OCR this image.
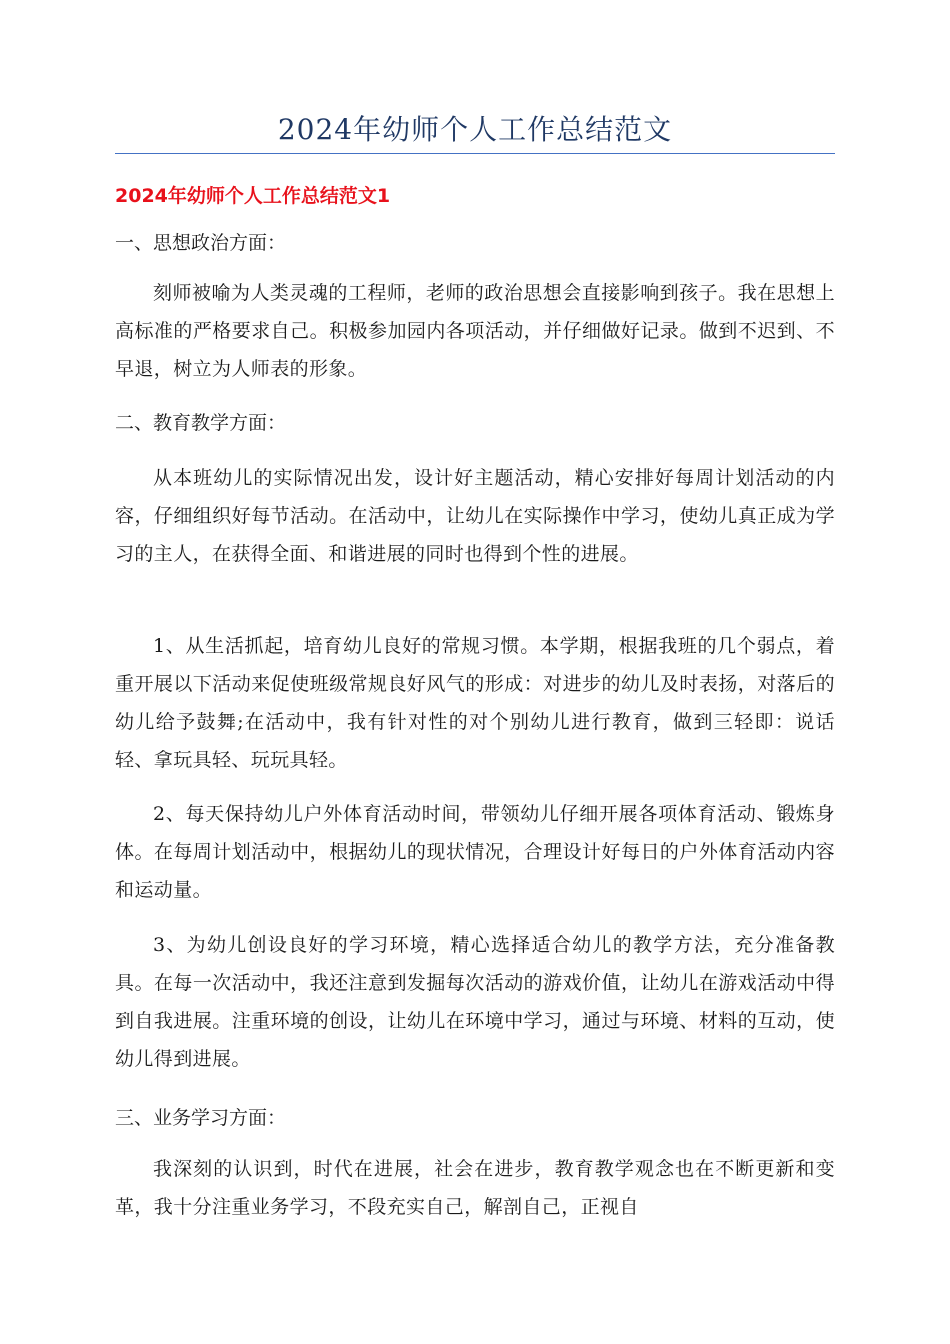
2024年幼师个人工作总结范文
2024年幼师个人工作总结范文1
一、思想政治方面：
刻师被喻为人类灵魂的工程师，老师的政治思想会直接影响到孩子。我在思想上高标准的严格要求自己。积极参加园内各项活动，并仔细做好记录。做到不迟到、不早退，树立为人师表的形象。
二、教育教学方面：
从本班幼儿的实际情况出发，设计好主题活动，精心安排好每周计划活动的内容，仔细组织好每节活动。在活动中，让幼儿在实际操作中学习，使幼儿真正成为学习的主人，在获得全面、和谐进展的同时也得到个性的进展。
1、从生活抓起，培育幼儿良好的常规习惯。本学期，根据我班的几个弱点，着重开展以下活动来促使班级常规良好风气的形成：对进步的幼儿及时表扬，对落后的幼儿给予鼓舞;在活动中，我有针对性的对个别幼儿进行教育，做到三轻即：说话轻、拿玩具轻、玩玩具轻。
2、每天保持幼儿户外体育活动时间，带领幼儿仔细开展各项体育活动、锻炼身体。在每周计划活动中，根据幼儿的现状情况，合理设计好每日的户外体育活动内容和运动量。
3、为幼儿创设良好的学习环境，精心选择适合幼儿的教学方法，充分准备教具。在每一次活动中，我还注意到发掘每次活动的游戏价值，让幼儿在游戏活动中得到自我进展。注重环境的创设，让幼儿在环境中学习，通过与环境、材料的互动，使幼儿得到进展。
三、业务学习方面：
我深刻的认识到，时代在进展，社会在进步，教育教学观念也在不断更新和变革，我十分注重业务学习，不段充实自己，解剖自己，正视自
